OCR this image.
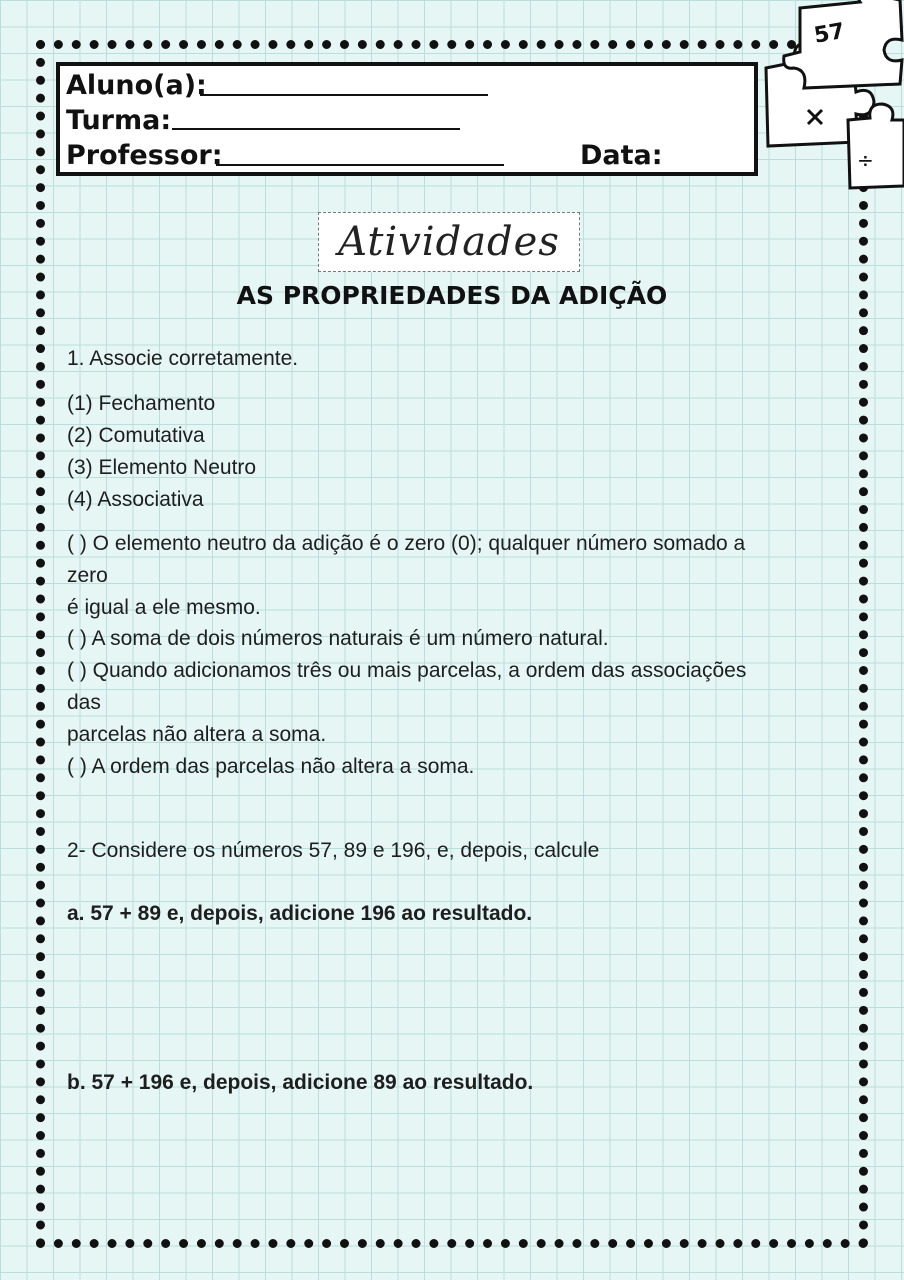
Aluno(a):
Turma:
Professor:	Data:	÷
57
Atividades
AS PROPRIEDADES DA ADIÇÃO
1. Associe corretamente.
(1) Fechamento
(2) Comutativa
(3) Elemento Neutro
(4) Associativa
( ) O elemento neutro da adição é o zero (0); qualquer número somado a
zero
é igual a ele mesmo.
( ) A soma de dois números naturais é um número natural.
( ) Quando adicionamos três ou mais parcelas, a ordem das associações
das
parcelas não altera a soma.
( ) A ordem das parcelas não altera a soma.
2- Considere os números 57, 89 e 196, e, depois, calcule
a. 57 + 89 e, depois, adicione 196 ao resultado.
b. 57 + 196 e, depois, adicione 89 ao resultado.
